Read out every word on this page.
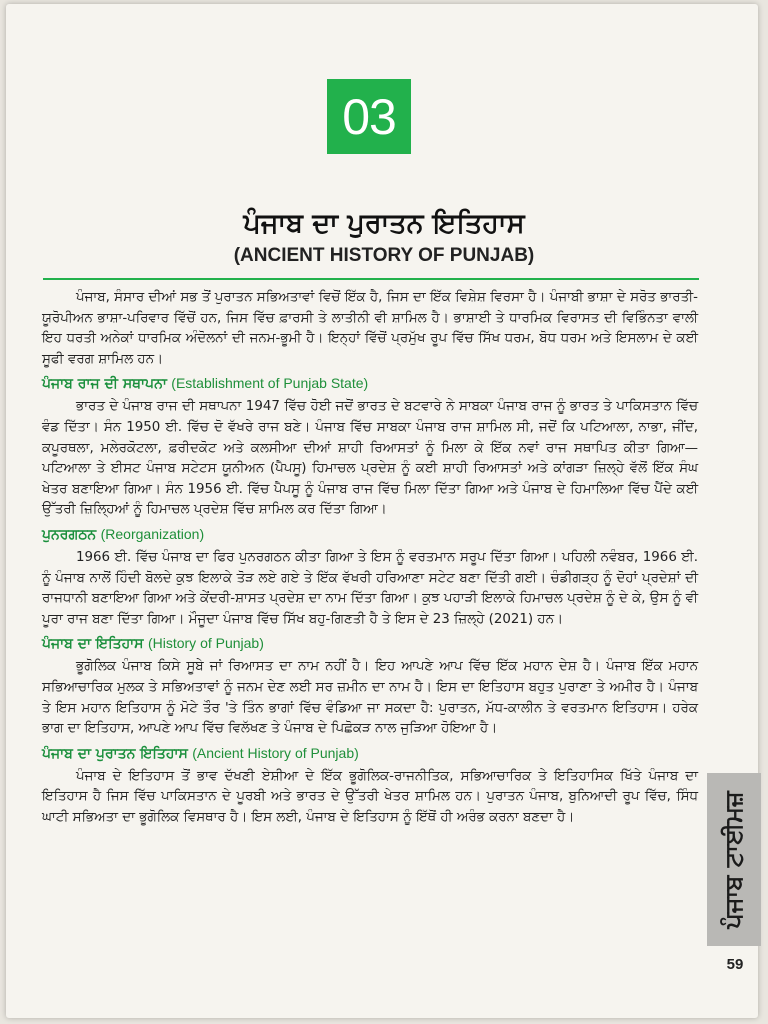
03
ਪੰਜਾਬ ਦਾ ਪੁਰਾਤਨ ਇਤਿਹਾਸ
(ANCIENT HISTORY OF PUNJAB)

ਪੰਜਾਬ, ਸੰਸਾਰ ਦੀਆਂ ਸਭ ਤੋਂ ਪੁਰਾਤਨ ਸਭਿਅਤਾਵਾਂ ਵਿਚੋਂ ਇੱਕ ਹੈ, ਜਿਸ ਦਾ ਇੱਕ ਵਿਸ਼ੇਸ਼ ਵਿਰਸਾ ਹੈ। ਪੰਜਾਬੀ ਭਾਸ਼ਾ ਦੇ ਸਰੋਤ ਭਾਰਤੀ-ਯੂਰੋਪੀਅਨ ਭਾਸ਼ਾ-ਪਰਿਵਾਰ ਵਿੱਚੋਂ ਹਨ, ਜਿਸ ਵਿੱਚ ਫ਼ਾਰਸੀ ਤੇ ਲਾਤੀਨੀ ਵੀ ਸ਼ਾਮਿਲ ਹੈ। ਭਾਸ਼ਾਈ ਤੇ ਧਾਰਮਿਕ ਵਿਰਾਸਤ ਦੀ ਵਿਭਿੰਨਤਾ ਵਾਲੀ ਇਹ ਧਰਤੀ ਅਨੇਕਾਂ ਧਾਰਮਿਕ ਅੰਦੋਲਨਾਂ ਦੀ ਜਨਮ-ਭੂਮੀ ਹੈ। ਇਨ੍ਹਾਂ ਵਿੱਚੋਂ ਪ੍ਰਮੁੱਖ ਰੂਪ ਵਿੱਚ ਸਿੱਖ ਧਰਮ, ਬੋਧ ਧਰਮ ਅਤੇ ਇਸਲਾਮ ਦੇ ਕਈ ਸੂਫੀ ਵਰਗ ਸ਼ਾਮਿਲ ਹਨ।

ਪੰਜਾਬ ਰਾਜ ਦੀ ਸਥਾਪਨਾ (Establishment of Punjab State)

ਭਾਰਤ ਦੇ ਪੰਜਾਬ ਰਾਜ ਦੀ ਸਥਾਪਨਾ 1947 ਵਿੱਚ ਹੋਈ ਜਦੋਂ ਭਾਰਤ ਦੇ ਬਟਵਾਰੇ ਨੇ ਸਾਬਕਾ ਪੰਜਾਬ ਰਾਜ ਨੂੰ ਭਾਰਤ ਤੇ ਪਾਕਿਸਤਾਨ ਵਿੱਚ ਵੰਡ ਦਿੱਤਾ। ਸੰਨ 1950 ਈ. ਵਿੱਚ ਦੋ ਵੱਖਰੇ ਰਾਜ ਬਣੇ। ਪੰਜਾਬ ਵਿੱਚ ਸਾਬਕਾ ਪੰਜਾਬ ਰਾਜ ਸ਼ਾਮਿਲ ਸੀ, ਜਦੋਂ ਕਿ ਪਟਿਆਲਾ, ਨਾਭਾ, ਜੀਂਦ, ਕਪੂਰਥਲਾ, ਮਲੇਰਕੋਟਲਾ, ਫ਼ਰੀਦਕੋਟ ਅਤੇ ਕਲਸੀਆ ਦੀਆਂ ਸ਼ਾਹੀ ਰਿਆਸਤਾਂ ਨੂੰ ਮਿਲਾ ਕੇ ਇੱਕ ਨਵਾਂ ਰਾਜ ਸਥਾਪਿਤ ਕੀਤਾ ਗਿਆ—ਪਟਿਆਲਾ ਤੇ ਈਸਟ ਪੰਜਾਬ ਸਟੇਟਸ ਯੂਨੀਅਨ (ਪੈਪਸੂ) ਹਿਮਾਚਲ ਪ੍ਰਦੇਸ਼ ਨੂੰ ਕਈ ਸ਼ਾਹੀ ਰਿਆਸਤਾਂ ਅਤੇ ਕਾਂਗੜਾ ਜ਼ਿਲ੍ਹੇ ਵੱਲੋਂ ਇੱਕ ਸੰਘ ਖੇਤਰ ਬਣਾਇਆ ਗਿਆ। ਸੰਨ 1956 ਈ. ਵਿੱਚ ਪੈਪਸੂ ਨੂੰ ਪੰਜਾਬ ਰਾਜ ਵਿੱਚ ਮਿਲਾ ਦਿੱਤਾ ਗਿਆ ਅਤੇ ਪੰਜਾਬ ਦੇ ਹਿਮਾਲਿਆ ਵਿੱਚ ਪੈਂਦੇ ਕਈ ਉੱਤਰੀ ਜ਼ਿਲ੍ਹਿਆਂ ਨੂੰ ਹਿਮਾਚਲ ਪ੍ਰਦੇਸ਼ ਵਿੱਚ ਸ਼ਾਮਿਲ ਕਰ ਦਿੱਤਾ ਗਿਆ।

ਪੁਨਰਗਠਨ (Reorganization)

1966 ਈ. ਵਿੱਚ ਪੰਜਾਬ ਦਾ ਫਿਰ ਪੁਨਰਗਠਨ ਕੀਤਾ ਗਿਆ ਤੇ ਇਸ ਨੂੰ ਵਰਤਮਾਨ ਸਰੂਪ ਦਿੱਤਾ ਗਿਆ। ਪਹਿਲੀ ਨਵੰਬਰ, 1966 ਈ. ਨੂੰ ਪੰਜਾਬ ਨਾਲੋਂ ਹਿੰਦੀ ਬੋਲਦੇ ਕੁਝ ਇਲਾਕੇ ਤੋੜ ਲਏ ਗਏ ਤੇ ਇੱਕ ਵੱਖਰੀ ਹਰਿਆਣਾ ਸਟੇਟ ਬਣਾ ਦਿੱਤੀ ਗਈ। ਚੰਡੀਗੜ੍ਹ ਨੂੰ ਦੋਹਾਂ ਪ੍ਰਦੇਸ਼ਾਂ ਦੀ ਰਾਜਧਾਨੀ ਬਣਾਇਆ ਗਿਆ ਅਤੇ ਕੇਂਦਰੀ-ਸ਼ਾਸਤ ਪ੍ਰਦੇਸ਼ ਦਾ ਨਾਮ ਦਿੱਤਾ ਗਿਆ। ਕੁਝ ਪਹਾੜੀ ਇਲਾਕੇ ਹਿਮਾਚਲ ਪ੍ਰਦੇਸ਼ ਨੂੰ ਦੇ ਕੇ, ਉਸ ਨੂੰ ਵੀ ਪੂਰਾ ਰਾਜ ਬਣਾ ਦਿੱਤਾ ਗਿਆ। ਮੌਜੂਦਾ ਪੰਜਾਬ ਵਿੱਚ ਸਿੱਖ ਬਹੁ-ਗਿਣਤੀ ਹੈ ਤੇ ਇਸ ਦੇ 23 ਜ਼ਿਲ੍ਹੇ (2021) ਹਨ।

ਪੰਜਾਬ ਦਾ ਇਤਿਹਾਸ (History of Punjab)

ਭੂਗੋਲਿਕ ਪੰਜਾਬ ਕਿਸੇ ਸੂਬੇ ਜਾਂ ਰਿਆਸਤ ਦਾ ਨਾਮ ਨਹੀਂ ਹੈ। ਇਹ ਆਪਣੇ ਆਪ ਵਿੱਚ ਇੱਕ ਮਹਾਨ ਦੇਸ਼ ਹੈ। ਪੰਜਾਬ ਇੱਕ ਮਹਾਨ ਸਭਿਆਚਾਰਿਕ ਮੁਲਕ ਤੇ ਸਭਿਅਤਾਵਾਂ ਨੂੰ ਜਨਮ ਦੇਣ ਲਈ ਸਰ ਜ਼ਮੀਨ ਦਾ ਨਾਮ ਹੈ। ਇਸ ਦਾ ਇਤਿਹਾਸ ਬਹੁਤ ਪੁਰਾਣਾ ਤੇ ਅਮੀਰ ਹੈ। ਪੰਜਾਬ ਤੇ ਇਸ ਮਹਾਨ ਇਤਿਹਾਸ ਨੂੰ ਮੋਟੇ ਤੌਰ 'ਤੇ ਤਿੰਨ ਭਾਗਾਂ ਵਿੱਚ ਵੰਡਿਆ ਜਾ ਸਕਦਾ ਹੈ: ਪੁਰਾਤਨ, ਮੱਧ-ਕਾਲੀਨ ਤੇ ਵਰਤਮਾਨ ਇਤਿਹਾਸ। ਹਰੇਕ ਭਾਗ ਦਾ ਇਤਿਹਾਸ, ਆਪਣੇ ਆਪ ਵਿੱਚ ਵਿਲੱਖਣ ਤੇ ਪੰਜਾਬ ਦੇ ਪਿਛੋਕੜ ਨਾਲ ਜੁੜਿਆ ਹੋਇਆ ਹੈ।

ਪੰਜਾਬ ਦਾ ਪੁਰਾਤਨ ਇਤਿਹਾਸ (Ancient History of Punjab)

ਪੰਜਾਬ ਦੇ ਇਤਿਹਾਸ ਤੋਂ ਭਾਵ ਦੱਖਣੀ ਏਸ਼ੀਆ ਦੇ ਇੱਕ ਭੂਗੋਲਿਕ-ਰਾਜਨੀਤਿਕ, ਸਭਿਆਚਾਰਿਕ ਤੇ ਇਤਿਹਾਸਿਕ ਖਿੱਤੇ ਪੰਜਾਬ ਦਾ ਇਤਿਹਾਸ ਹੈ ਜਿਸ ਵਿੱਚ ਪਾਕਿਸਤਾਨ ਦੇ ਪੂਰਬੀ ਅਤੇ ਭਾਰਤ ਦੇ ਉੱਤਰੀ ਖੇਤਰ ਸ਼ਾਮਿਲ ਹਨ। ਪੁਰਾਤਨ ਪੰਜਾਬ, ਬੁਨਿਆਦੀ ਰੂਪ ਵਿੱਚ, ਸਿੰਧ ਘਾਟੀ ਸਭਿਅਤਾ ਦਾ ਭੂਗੋਲਿਕ ਵਿਸਥਾਰ ਹੈ। ਇਸ ਲਈ, ਪੰਜਾਬ ਦੇ ਇਤਿਹਾਸ ਨੂੰ ਇੱਥੋਂ ਹੀ ਅਰੰਭ ਕਰਨਾ ਬਣਦਾ ਹੈ।	ਪੰਜਾਬ ਟਾਈਮਜ਼
59
